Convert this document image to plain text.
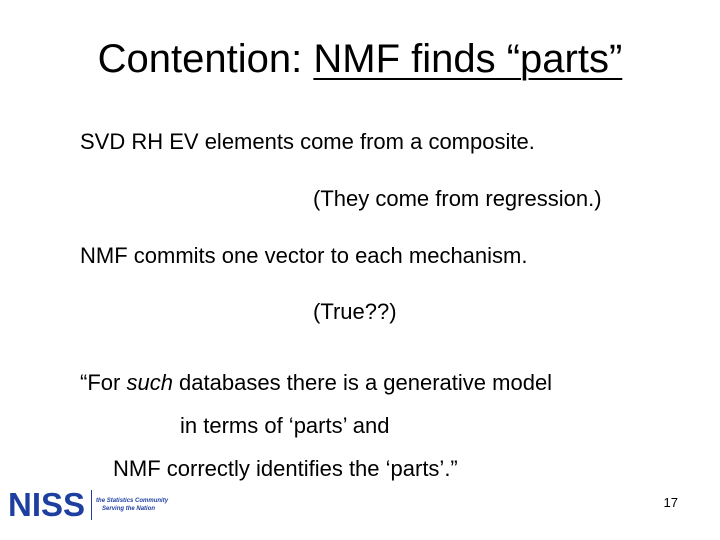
Contention: NMF finds “parts”
SVD RH EV elements come from a composite.
(They come from regression.)
NMF commits one vector to each mechanism.
(True??)
“For such databases there is a generative model
in terms of ‘parts’ and
NMF correctly identifies the ‘parts’.”
NISS the Statistics Community
Serving the Nation	17
